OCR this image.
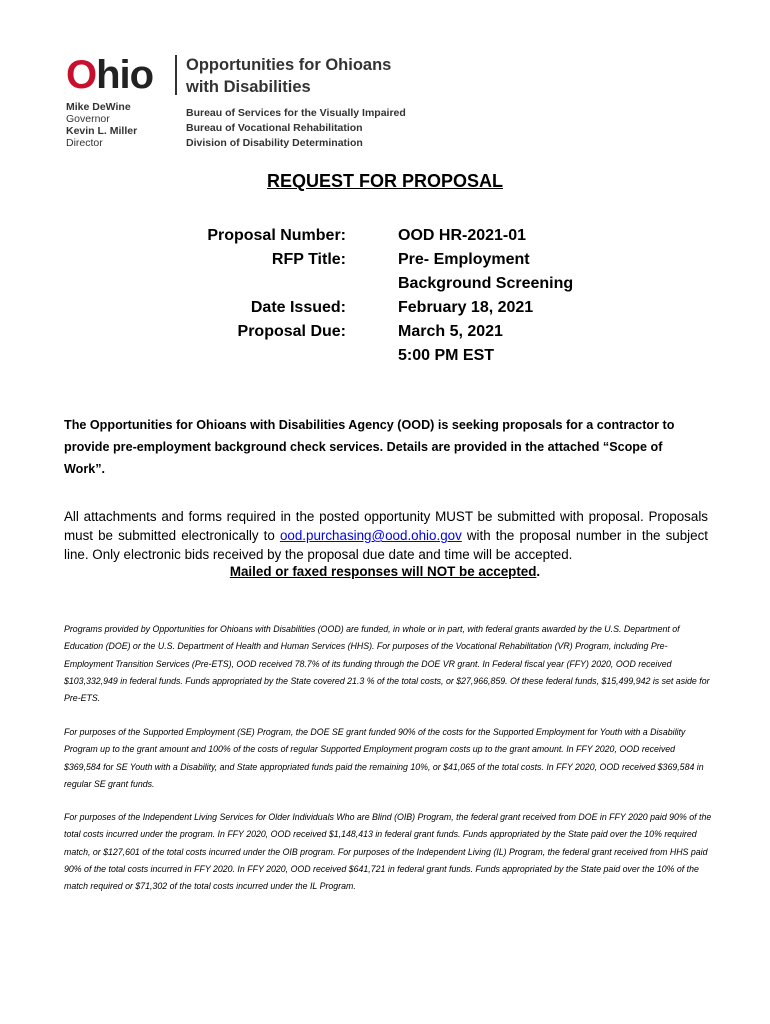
Ohio Opportunities for Ohioans
with Disabilities
Mike DeWine
Governor
Kevin L. Miller
Director
Bureau of Services for the Visually Impaired
Bureau of Vocational Rehabilitation
Division of Disability Determination
REQUEST FOR PROPOSAL
Proposal Number:	OOD HR-2021-01
RFP Title:	Pre- Employment
Background Screening
Date Issued:	February 18, 2021
Proposal Due:	March 5, 2021
5:00 PM EST
The Opportunities for Ohioans with Disabilities Agency (OOD) is seeking proposals for a contractor to provide pre-employment background check services. Details are provided in the attached “Scope of Work”.
All attachments and forms required in the posted opportunity MUST be submitted with proposal. Proposals must be submitted electronically to ood.purchasing@ood.ohio.gov with the proposal number in the subject line. Only electronic bids received by the proposal due date and time will be accepted.
Mailed or faxed responses will NOT be accepted.
Programs provided by Opportunities for Ohioans with Disabilities (OOD) are funded, in whole or in part, with federal grants awarded by the U.S. Department of Education (DOE) or the U.S. Department of Health and Human Services (HHS). For purposes of the Vocational Rehabilitation (VR) Program, including Pre-Employment Transition Services (Pre-ETS), OOD received 78.7% of its funding through the DOE VR grant. In Federal fiscal year (FFY) 2020, OOD received $103,332,949 in federal funds. Funds appropriated by the State covered 21.3 % of the total costs, or $27,966,859. Of these federal funds, $15,499,942 is set aside for Pre-ETS.
For purposes of the Supported Employment (SE) Program, the DOE SE grant funded 90% of the costs for the Supported Employment for Youth with a Disability Program up to the grant amount and 100% of the costs of regular Supported Employment program costs up to the grant amount. In FFY 2020, OOD received $369,584 for SE Youth with a Disability, and State appropriated funds paid the remaining 10%, or $41,065 of the total costs. In FFY 2020, OOD received $369,584 in regular SE grant funds.
For purposes of the Independent Living Services for Older Individuals Who are Blind (OIB) Program, the federal grant received from DOE in FFY 2020 paid 90% of the total costs incurred under the program. In FFY 2020, OOD received $1,148,413 in federal grant funds. Funds appropriated by the State paid over the 10% required match, or $127,601 of the total costs incurred under the OIB program. For purposes of the Independent Living (IL) Program, the federal grant received from HHS paid 90% of the total costs incurred in FFY 2020. In FFY 2020, OOD received $641,721 in federal grant funds. Funds appropriated by the State paid over the 10% of the match required or $71,302 of the total costs incurred under the IL Program.
